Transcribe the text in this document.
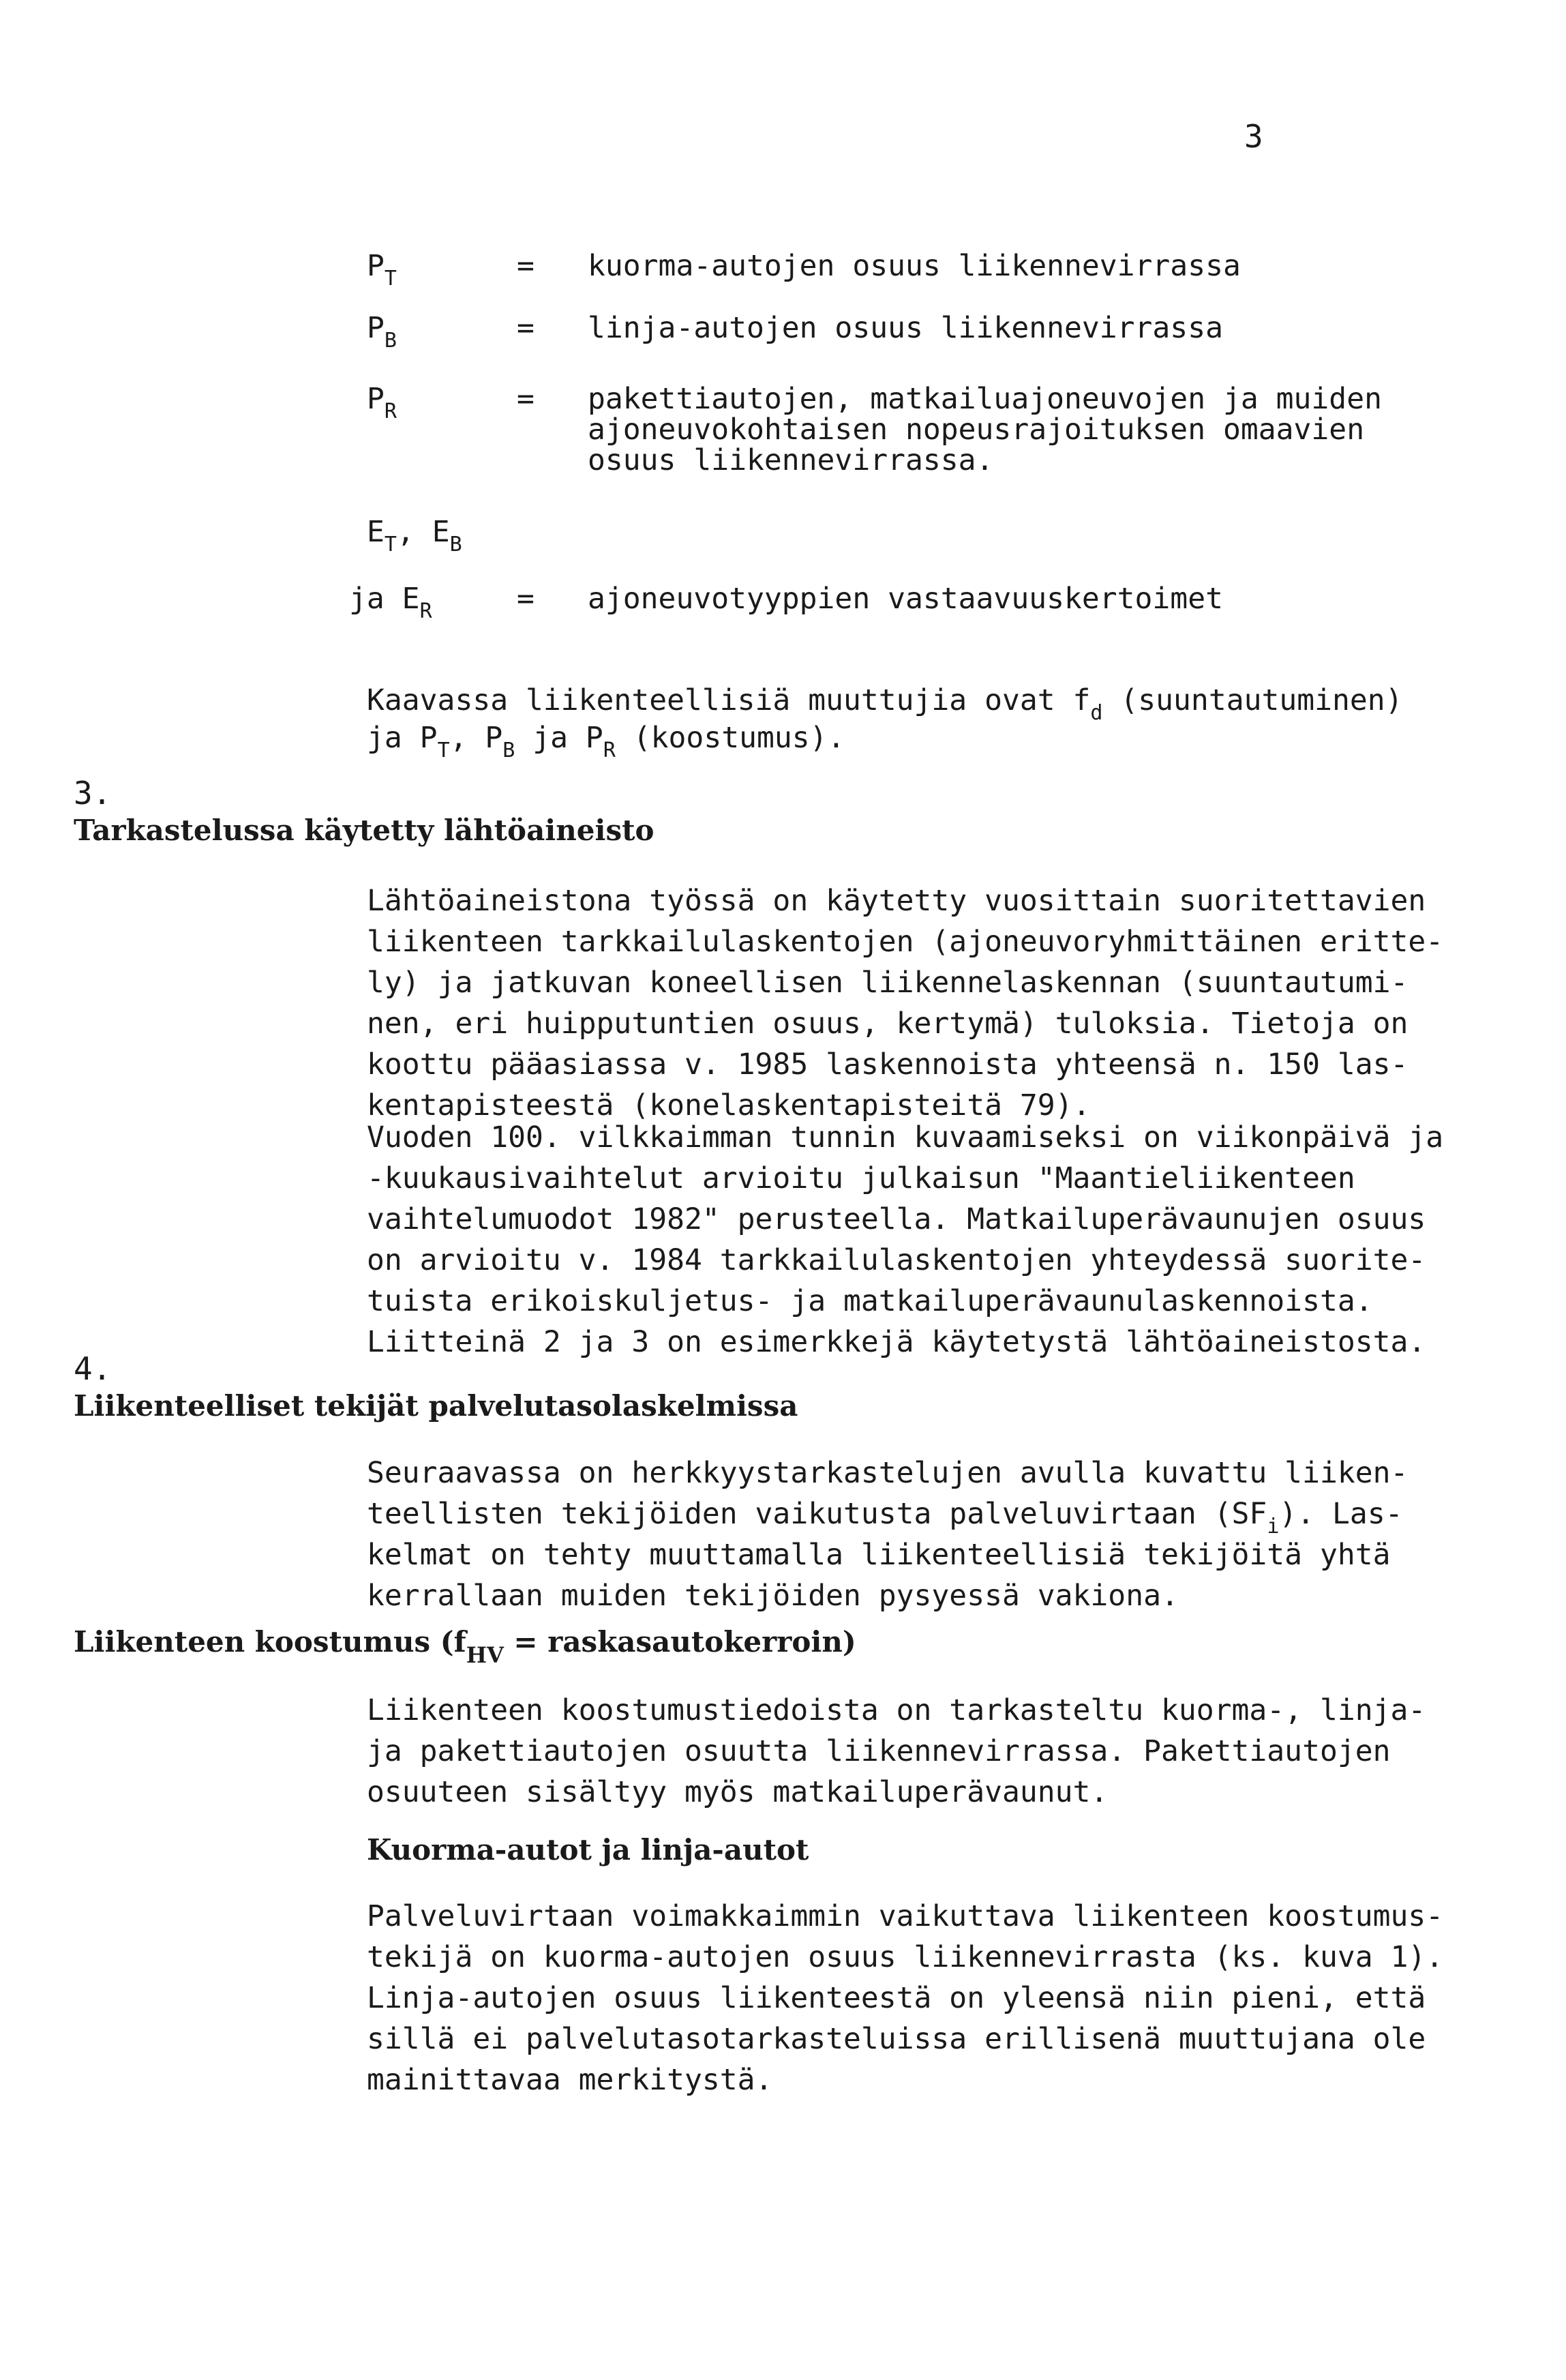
3
$P_T$	= kuorma-autojen osuus liikennevirrassa
$P_B$	= linja-autojen osuus liikennevirrassa
$P_R$	= pakettiautojen, matkailuajoneuvojen ja muiden
ajoneuvokohtaisen nopeusrajoituksen omaavien
osuus liikennevirrassa.
$E_T$, $E_B$
ja $E_R$	= ajoneuvotyyppien vastaavuuskertoimet
Kaavassa liikenteellisiä muuttujia ovat $f_d$ (suuntautuminen)
ja $P_T$, $P_B$ ja $P_R$ (koostumus).
3.
Tarkastelussa käytetty lähtöaineisto
Lähtöaineistona työssä on käytetty vuosittain suoritettavien
liikenteen tarkkailulaskentojen (ajoneuvoryhmittäinen eritte-
ly) ja jatkuvan koneellisen liikennelaskennan (suuntautumi-
nen, eri huipputuntien osuus, kertymä) tuloksia. Tietoja on
koottu pääasiassa v. 1985 laskennoista yhteensä n. 150 las-
kentapisteestä (konelaskentapisteitä 79).
Vuoden 100. vilkkaimman tunnin kuvaamiseksi on viikonpäivä ja
-kuukausivaihtelut arvioitu julkaisun "Maantieliikenteen
vaihtelumuodot 1982" perusteella. Matkailuperävaunujen osuus
on arvioitu v. 1984 tarkkailulaskentojen yhteydessä suorite-
tuista erikoiskuljetus- ja matkailuperävaunulaskennoista.
Liitteinä 2 ja 3 on esimerkkejä käytetystä lähtöaineistosta.
4.
Liikenteelliset tekijät palvelutasolaskelmissa
Seuraavassa on herkkyystarkastelujen avulla kuvattu liiken-
teellisten tekijöiden vaikutusta palveluvirtaan $(SF_i)$. Las-
kelmat on tehty muuttamalla liikenteellisiä tekijöitä yhtä
kerrallaan muiden tekijöiden pysyessä vakiona.
Liikenteen koostumus ($f_{HV}$ = raskasautokerroin)
Liikenteen koostumustiedoista on tarkasteltu kuorma-, linja-
ja pakettiautojen osuutta liikennevirrassa. Pakettiautojen
osuuteen sisältyy myös matkailuperävaunut.
Kuorma-autot ja linja-autot
Palveluvirtaan voimakkaimmin vaikuttava liikenteen koostumus-
tekijä on kuorma-autojen osuus liikennevirrasta (ks. kuva 1).
Linja-autojen osuus liikenteestä on yleensä niin pieni, että
sillä ei palvelutasotarkasteluissa erillisenä muuttujana ole
mainittavaa merkitystä.
